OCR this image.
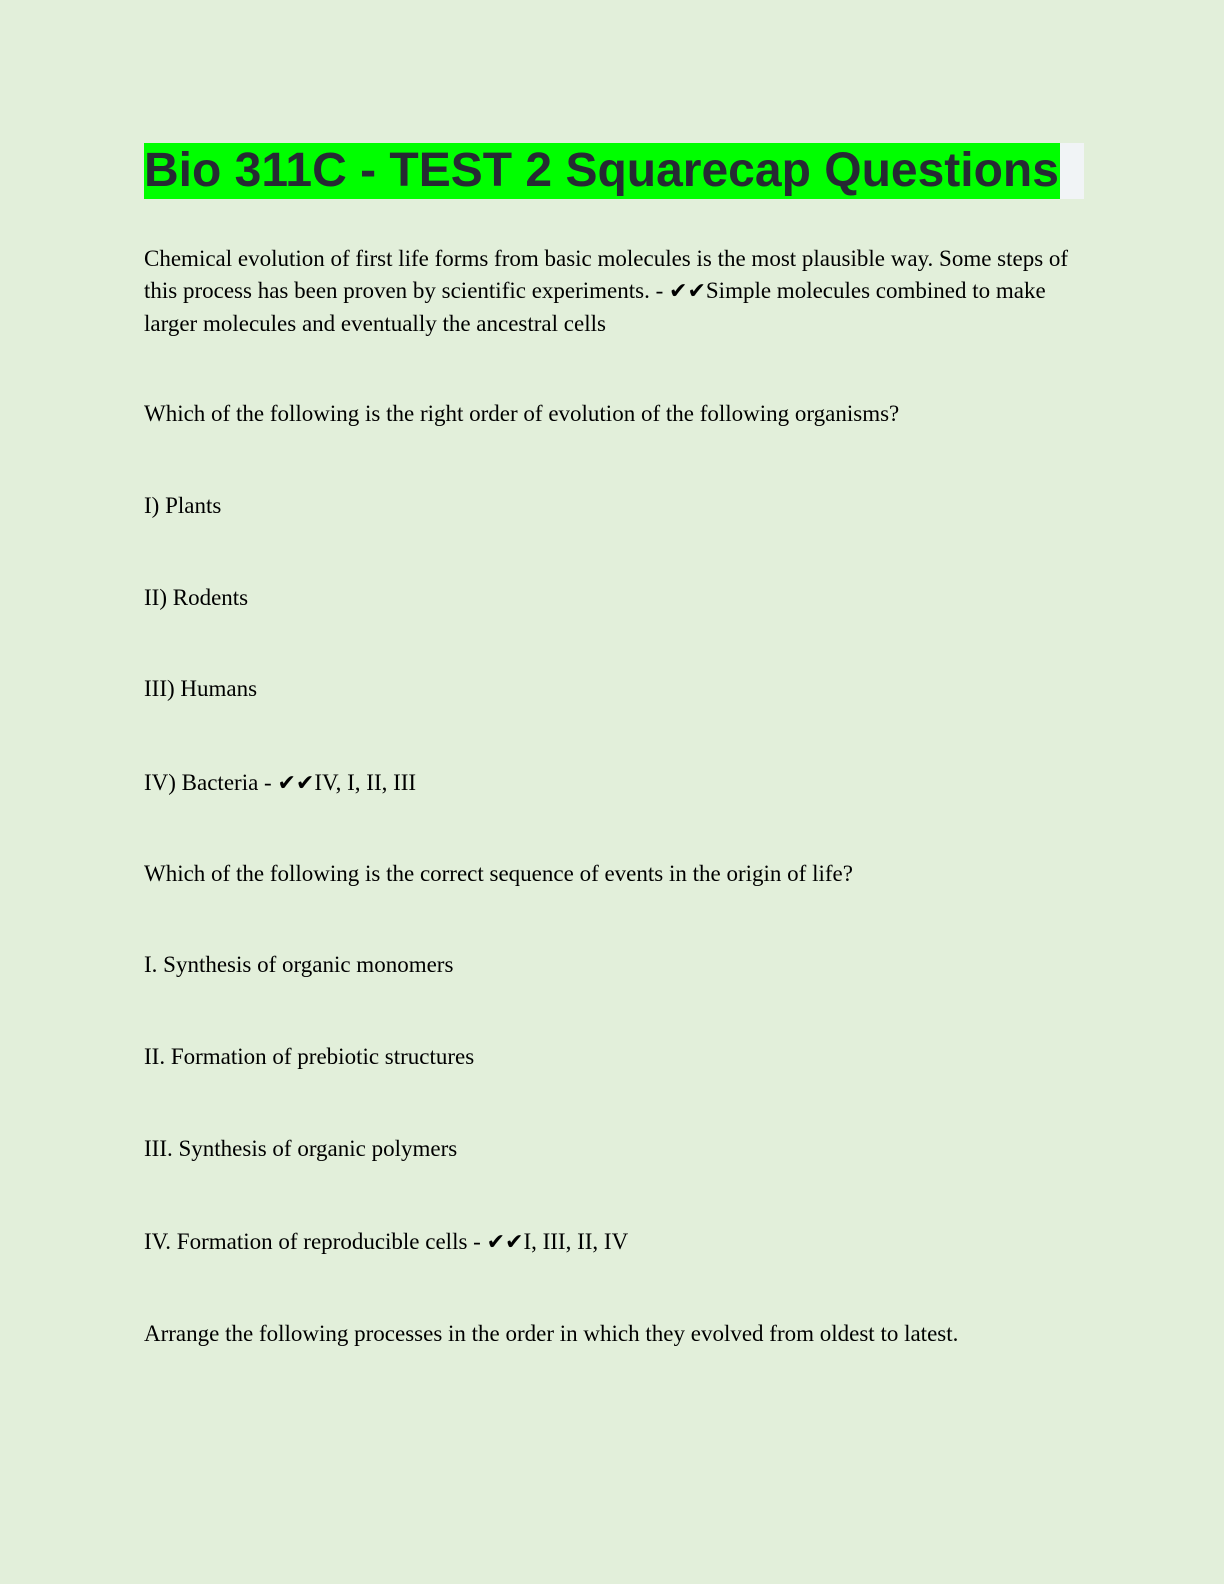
Bio 311C - TEST 2 Squarecap Questions

Chemical evolution of first life forms from basic molecules is the most plausible way. Some steps of this process has been proven by scientific experiments. - ✔✔Simple molecules combined to make larger molecules and eventually the ancestral cells

Which of the following is the right order of evolution of the following organisms?

I) Plants

II) Rodents

III) Humans

IV) Bacteria - ✔✔IV, I, II, III

Which of the following is the correct sequence of events in the origin of life?

I. Synthesis of organic monomers

II. Formation of prebiotic structures

III. Synthesis of organic polymers

IV. Formation of reproducible cells - ✔✔I, III, II, IV

Arrange the following processes in the order in which they evolved from oldest to latest.
